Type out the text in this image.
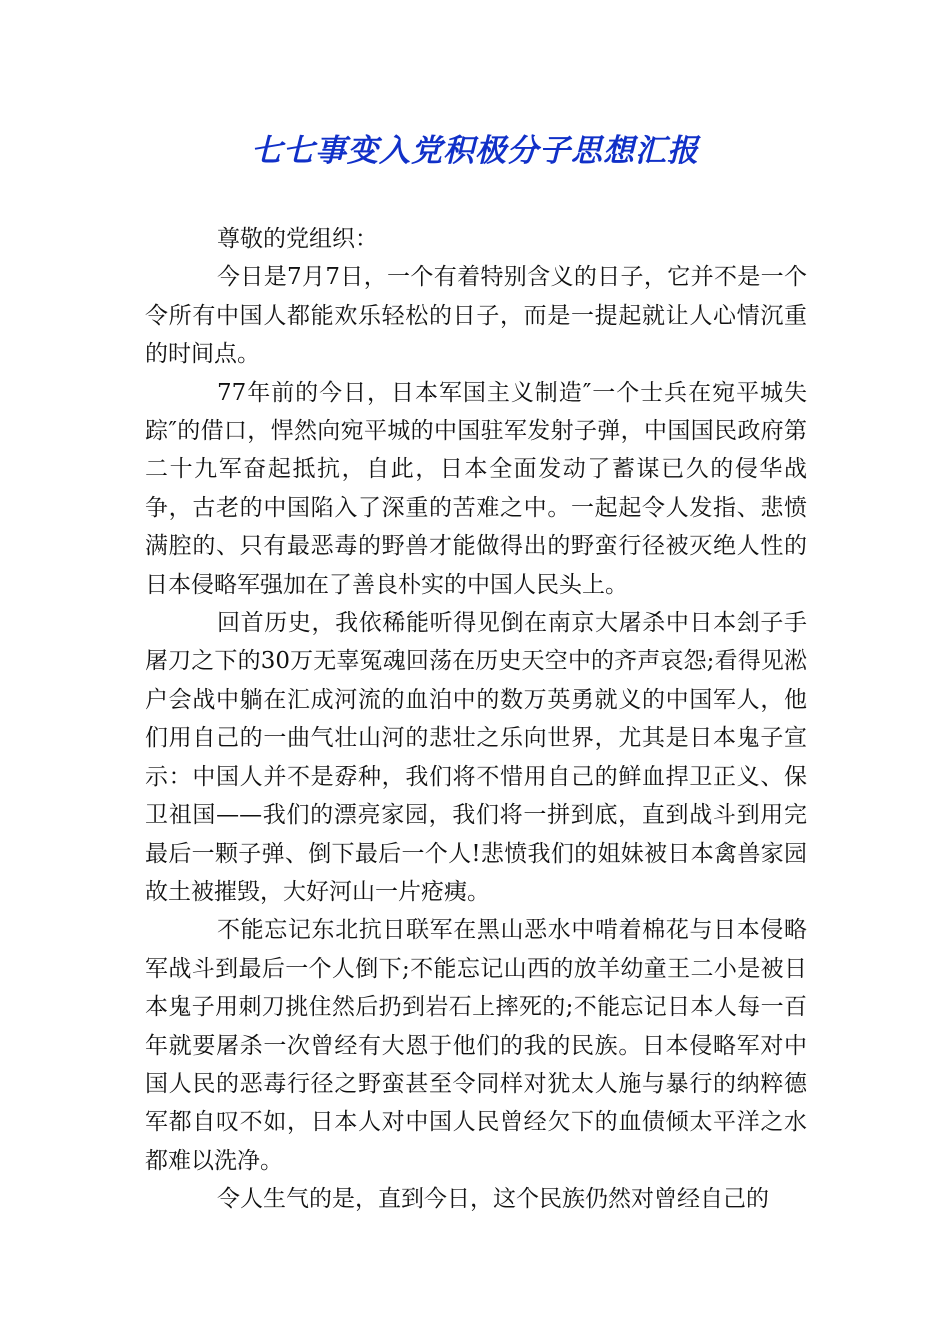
七七事变入党积极分子思想汇报

尊敬的党组织：

今日是7月7日，一个有着特别含义的日子，它并不是一个令所有中国人都能欢乐轻松的日子，而是一提起就让人心情沉重的时间点。

77年前的今日，日本军国主义制造″一个士兵在宛平城失踪″的借口，悍然向宛平城的中国驻军发射子弹，中国国民政府第二十九军奋起抵抗，自此，日本全面发动了蓄谋已久的侵华战争，古老的中国陷入了深重的苦难之中。一起起令人发指、悲愤满腔的、只有最恶毒的野兽才能做得出的野蛮行径被灭绝人性的日本侵略军强加在了善良朴实的中国人民头上。

回首历史，我依稀能听得见倒在南京大屠杀中日本刽子手屠刀之下的30万无辜冤魂回荡在历史天空中的齐声哀怨;看得见淞户会战中躺在汇成河流的血泊中的数万英勇就义的中国军人，他们用自己的一曲气壮山河的悲壮之乐向世界，尤其是日本鬼子宣示：中国人并不是孬种，我们将不惜用自己的鲜血捍卫正义、保卫祖国——我们的漂亮家园，我们将一拼到底，直到战斗到用完最后一颗子弹、倒下最后一个人!悲愤我们的姐妹被日本禽兽家园故土被摧毁，大好河山一片疮痍。

不能忘记东北抗日联军在黑山恶水中啃着棉花与日本侵略军战斗到最后一个人倒下;不能忘记山西的放羊幼童王二小是被日本鬼子用刺刀挑住然后扔到岩石上摔死的;不能忘记日本人每一百年就要屠杀一次曾经有大恩于他们的我的民族。日本侵略军对中国人民的恶毒行径之野蛮甚至令同样对犹太人施与暴行的纳粹德军都自叹不如，日本人对中国人民曾经欠下的血债倾太平洋之水都难以洗净。

令人生气的是，直到今日，这个民族仍然对曾经自己的
